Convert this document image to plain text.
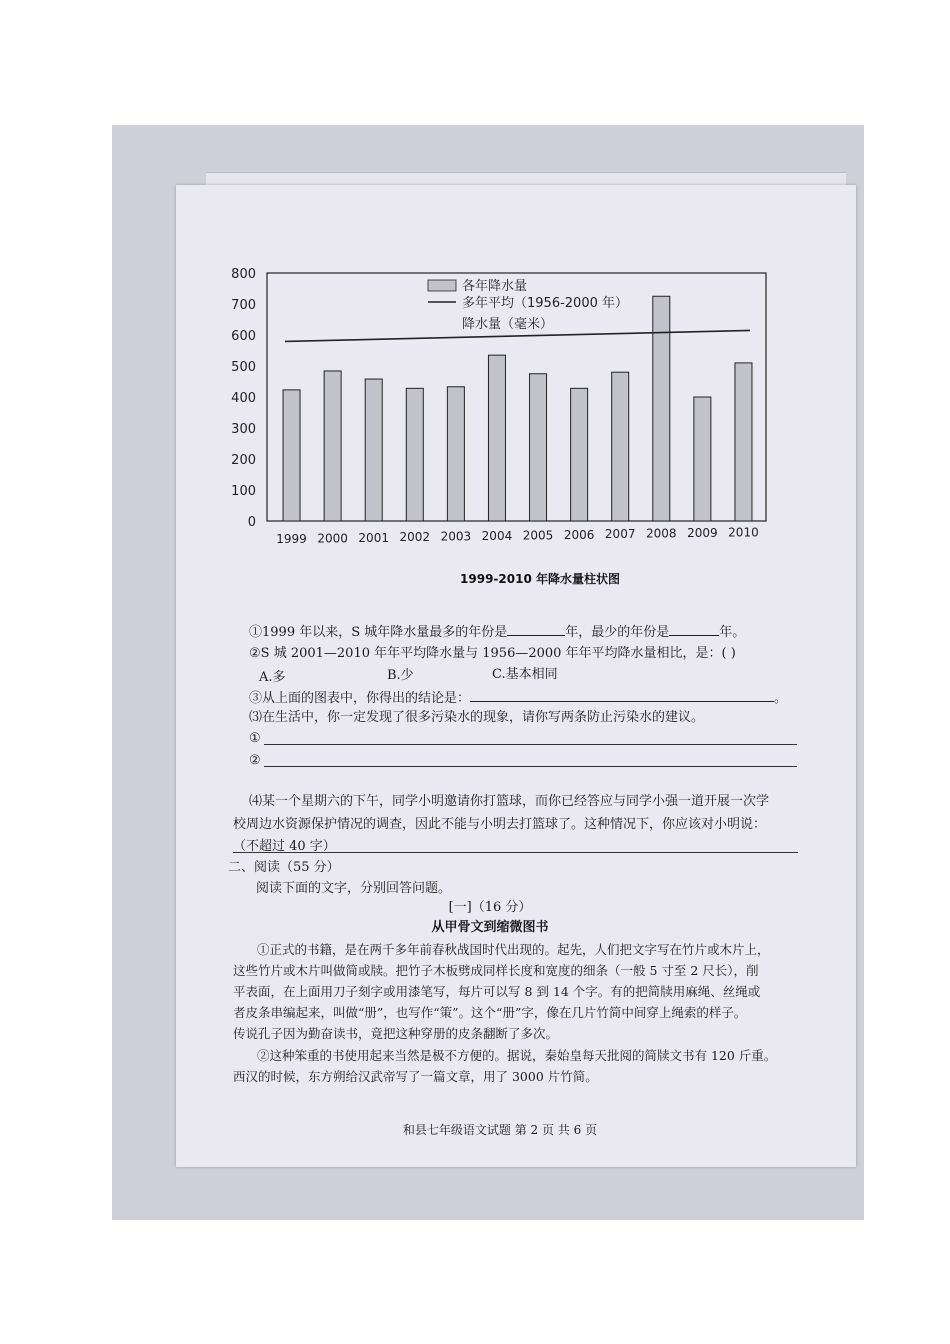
0
100
200
300
400
500
600
700
800
1999 2000 2001 2002 2003 2004 2005 2006 2007 2008 2009 2010
各年降水量
多年平均（1956-2000 年）
降水量（毫米）
1999-2010 年降水量柱状图
①1999 年以来，S 城年降水量最多的年份是	年，最少的年份是	年。
②S 城 2001—2010 年年平均降水量与 1956—2000 年年平均降水量相比，是：( )
A.多	B.少	C.基本相同
③从上面的图表中，你得出的结论是：	。
⑶在生活中，你一定发现了很多污染水的现象，请你写两条防止污染水的建议。
①
②
⑷某一个星期六的下午，同学小明邀请你打篮球，而你已经答应与同学小强一道开展一次学
校周边水资源保护情况的调查，因此不能与小明去打篮球了。这种情况下，你应该对小明说：
（不超过 40 字）
二、阅读（55 分）
阅读下面的文字，分别回答问题。
[一]（16 分）
从甲骨文到缩微图书
①正式的书籍，是在两千多年前春秋战国时代出现的。起先，人们把文字写在竹片或木片上，
这些竹片或木片叫做简或牍。把竹子木板劈成同样长度和宽度的细条（一般 5 寸至 2 尺长），削
平表面，在上面用刀子刻字或用漆笔写，每片可以写 8 到 14 个字。有的把简牍用麻绳、丝绳或
者皮条串编起来，叫做“册”，也写作“策”。这个“册”字，像在几片竹简中间穿上绳索的样子。
传说孔子因为勤奋读书，竟把这种穿册的皮条翻断了多次。
②这种笨重的书使用起来当然是极不方便的。据说，秦始皇每天批阅的简牍文书有 120 斤重。
西汉的时候，东方朔给汉武帝写了一篇文章，用了 3000 片竹简。
和县七年级语文试题 第 2 页 共 6 页
